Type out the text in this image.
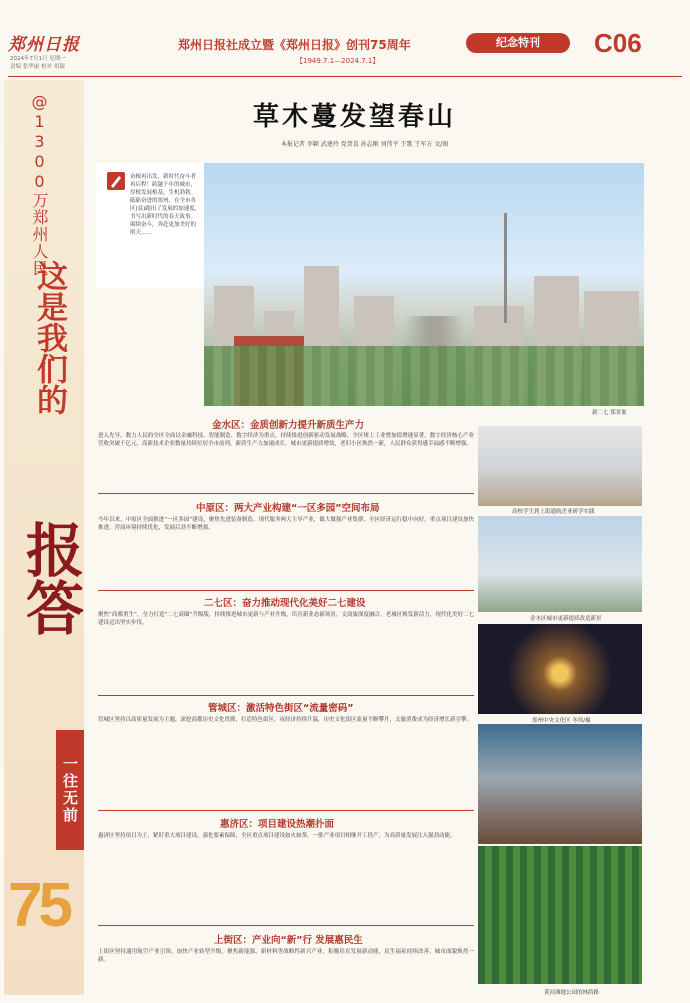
郑州日报
2024年7月1日 星期一
责编 张华丽 校对 胡瑞
郑州日报社成立暨《郑州日报》创刊75周年	纪念特刊
【1949.7.1—2024.7.1】
C06
@1300万郑州人民
这是我们的
报答
一往无前
75
草木蔓发望春山
本报记者 李颖 武建玲 党贺喜 孙志刚 刘伟平 王歌 王军方 文/图
奋楫再出发，新时代奋斗者再启程！跨越千年的城市，厚植发展根基，生机勃勃。砥砺奋进的郑州，在全市各区(县)跑出了发展的加速度，书写出新时代的春天故事。赓续奋斗，奔赴更加美好的明天……
新二七 郑景象
高校学生到上街通航企业研学实践
金水区城市更新提质改造新景
郑州中央文化区 冬伟/摄
黄河滩地公园的林荫路
金水区：金质创新力提升新质生产力
进入先导，数力人民的全区全面以金融科技、智能制造、数字经济为重点，持续推进创新驱动发展战略，全区规上工业增加值增速显著，数字经济核心产业营收突破千亿元，高新技术企业数量持续位居全市前列，新质生产力加速成长，城市更新提质增效，老旧小区焕然一新，人民群众获得感幸福感不断增强。
中原区：两大产业构建“一区多园”空间布局
今年以来，中原区全面推进“一区多园”建设，聚焦先进装备制造、现代服务两大主导产业，做大做强产业集群，全区经济运行稳中向好，重点项目建设加快推进，营商环境持续优化，发展后劲不断增强。
二七区：奋力推动现代化美好二七建设
聚焦“商都重生”，全力打造“二七商圈”升级版，持续推进城市更新与产业升级，培育新业态新场景，文商旅深度融合，老城区焕发新活力，现代化美好二七建设迈出坚实步伐。
管城区：激活特色街区“流量密码”
管城区坚持以高质量发展为主题，深挖商都历史文化资源，打造特色街区，夜经济持续升温，历史文化街区流量不断攀升，文旅消费成为经济增长新引擎。
惠济区：项目建设热潮扑面
惠济区坚持项目为王，紧盯重大项目建设，强化要素保障，全区重点项目建设如火如荼，一批产业项目相继开工投产，为高质量发展注入强劲动能。
上街区：产业向“新”行 发展惠民生
上街区坚持通用航空产业引领，加快产业转型升级，聚焦新能源、新材料等战略性新兴产业，积极培育发展新动能，民生福祉持续改善，城市面貌焕然一新。
